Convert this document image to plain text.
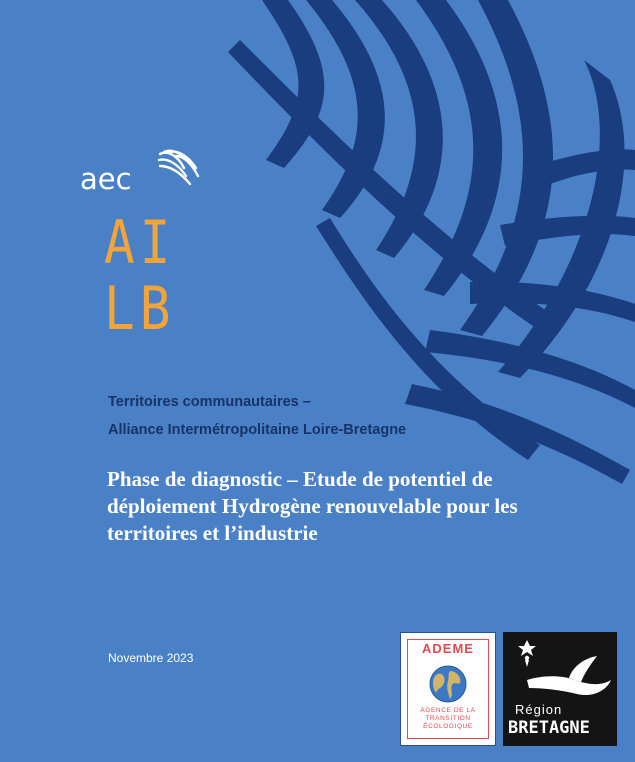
aec
AI
LB
Territoires communautaires –
Alliance Intermétropolitaine Loire-Bretagne
Phase de diagnostic – Etude de potentiel de déploiement Hydrogène renouvelable pour les territoires et l’industrie
Novembre 2023
ADEME
AGENCE DE LA
TRANSITION
ÉCOLOGIQUE
Région
BRETAGNE
